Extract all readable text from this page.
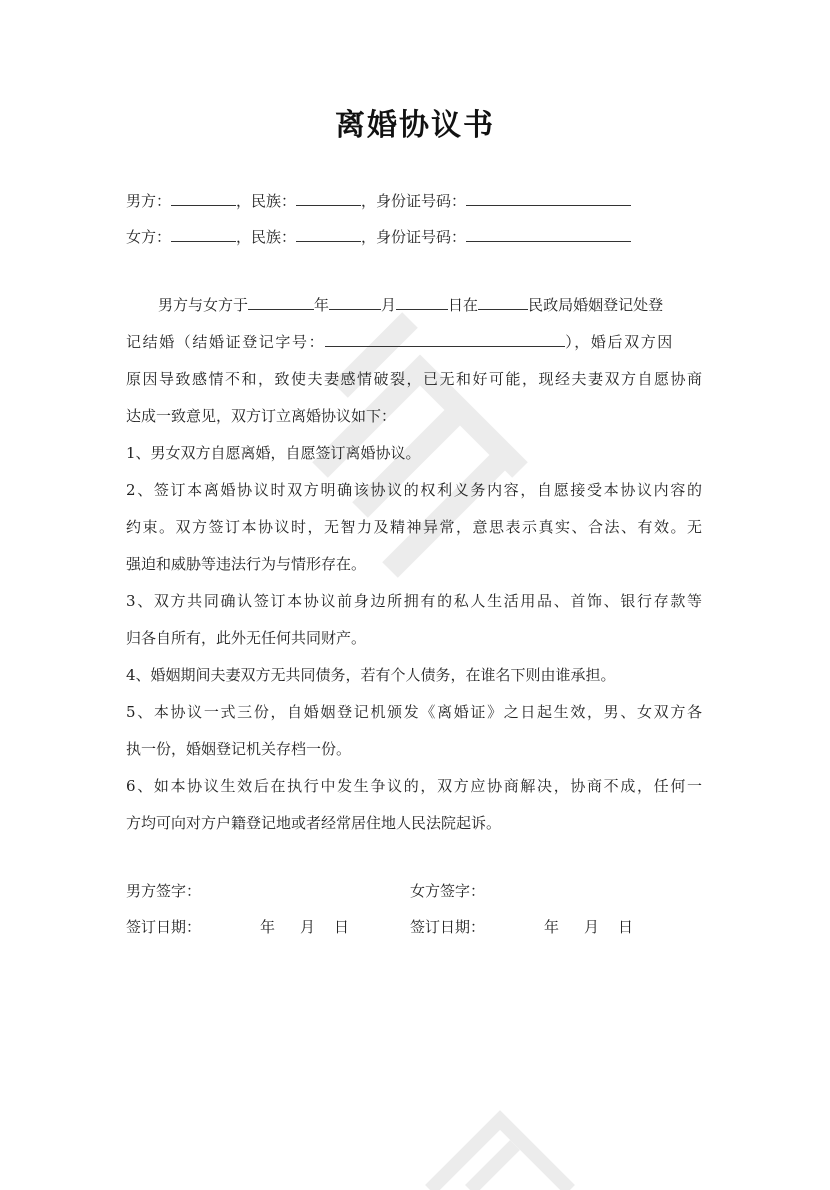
离婚协议书
男方：	，民族：	，身份证号码：
女方：	，民族：	，身份证号码：
男方与女方于	年	月	日在	民政局婚姻登记处登
记结婚（结婚证登记字号：	），婚后双方因
原因导致感情不和，致使夫妻感情破裂，已无和好可能，现经夫妻双方自愿协商
达成一致意见，双方订立离婚协议如下：
1、男女双方自愿离婚，自愿签订离婚协议。
2、签订本离婚协议时双方明确该协议的权利义务内容，自愿接受本协议内容的
约束。双方签订本协议时，无智力及精神异常，意思表示真实、合法、有效。无
强迫和威胁等违法行为与情形存在。
3、双方共同确认签订本协议前身边所拥有的私人生活用品、首饰、银行存款等
归各自所有，此外无任何共同财产。
4、婚姻期间夫妻双方无共同债务，若有个人债务，在谁名下则由谁承担。
5、本协议一式三份，自婚姻登记机颁发《离婚证》之日起生效，男、女双方各
执一份，婚姻登记机关存档一份。
6、如本协议生效后在执行中发生争议的，双方应协商解决，协商不成，任何一
方均可向对方户籍登记地或者经常居住地人民法院起诉。
男方签字：	女方签字：
签订日期：	年 月 日	签订日期：	年 月 日
